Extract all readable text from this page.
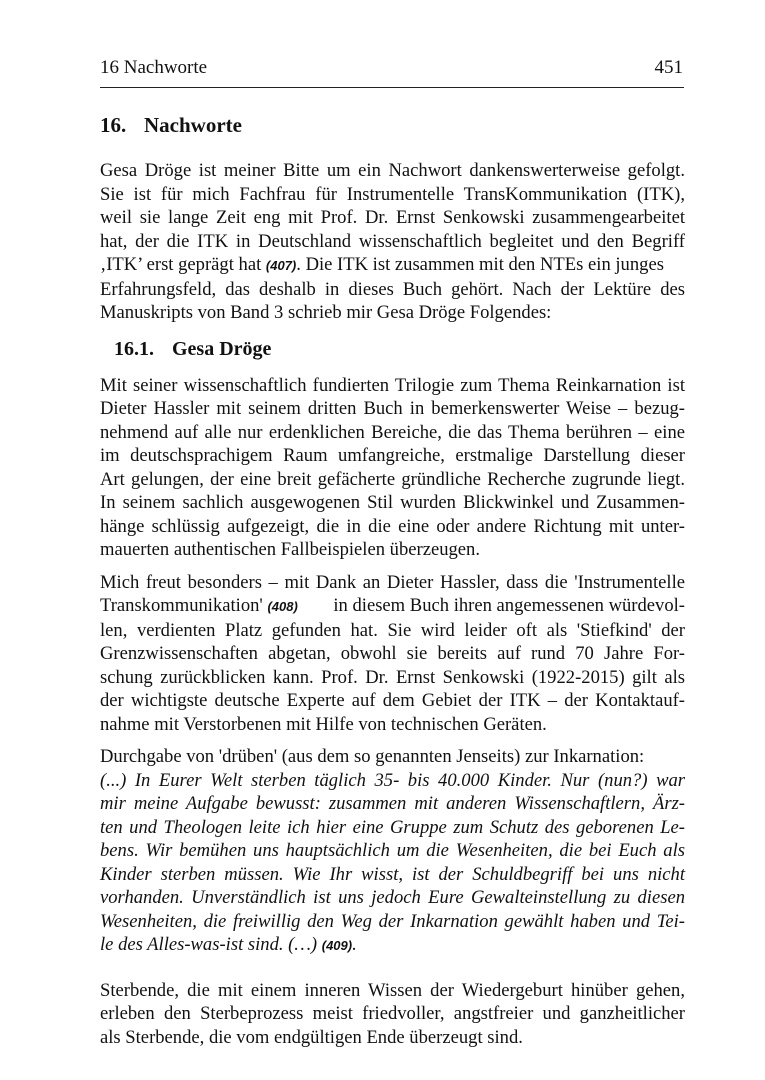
16 Nachworte	451
16. Nachworte
Gesa Dröge ist meiner Bitte um ein Nachwort dankenswerterweise gefolgt.
Sie ist für mich Fachfrau für Instrumentelle TransKommunikation (ITK),
weil sie lange Zeit eng mit Prof. Dr. Ernst Senkowski zusammengearbeitet
hat, der die ITK in Deutschland wissenschaftlich begleitet und den Begriff
‚ITK’ erst geprägt hat (407). Die ITK ist zusammen mit den NTEs ein junges
Erfahrungsfeld, das deshalb in dieses Buch gehört. Nach der Lektüre des
Manuskripts von Band 3 schrieb mir Gesa Dröge Folgendes:
16.1. Gesa Dröge
Mit seiner wissenschaftlich fundierten Trilogie zum Thema Reinkarnation ist
Dieter Hassler mit seinem dritten Buch in bemerkenswerter Weise – bezug-
nehmend auf alle nur erdenklichen Bereiche, die das Thema berühren – eine
im deutschsprachigem Raum umfangreiche, erstmalige Darstellung dieser
Art gelungen, der eine breit gefächerte gründliche Recherche zugrunde liegt.
In seinem sachlich ausgewogenen Stil wurden Blickwinkel und Zusammen-
hänge schlüssig aufgezeigt, die in die eine oder andere Richtung mit unter-
mauerten authentischen Fallbeispielen überzeugen.
Mich freut besonders – mit Dank an Dieter Hassler, dass die 'Instrumentelle
Transkommunikation' (408) in diesem Buch ihren angemessenen würdevol-
len, verdienten Platz gefunden hat. Sie wird leider oft als 'Stiefkind' der
Grenzwissenschaften abgetan, obwohl sie bereits auf rund 70 Jahre For-
schung zurückblicken kann. Prof. Dr. Ernst Senkowski (1922-2015) gilt als
der wichtigste deutsche Experte auf dem Gebiet der ITK – der Kontaktauf-
nahme mit Verstorbenen mit Hilfe von technischen Geräten.
Durchgabe von 'drüben' (aus dem so genannten Jenseits) zur Inkarnation:
(...) In Eurer Welt sterben täglich 35- bis 40.000 Kinder. Nur (nun?) war
mir meine Aufgabe bewusst: zusammen mit anderen Wissenschaftlern, Ärz-
ten und Theologen leite ich hier eine Gruppe zum Schutz des geborenen Le-
bens. Wir bemühen uns hauptsächlich um die Wesenheiten, die bei Euch als
Kinder sterben müssen. Wie Ihr wisst, ist der Schuldbegriff bei uns nicht
vorhanden. Unverständlich ist uns jedoch Eure Gewalteinstellung zu diesen
Wesenheiten, die freiwillig den Weg der Inkarnation gewählt haben und Tei-
le des Alles-was-ist sind. (…) (409).
Sterbende, die mit einem inneren Wissen der Wiedergeburt hinüber gehen,
erleben den Sterbeprozess meist friedvoller, angstfreier und ganzheitlicher
als Sterbende, die vom endgültigen Ende überzeugt sind.
